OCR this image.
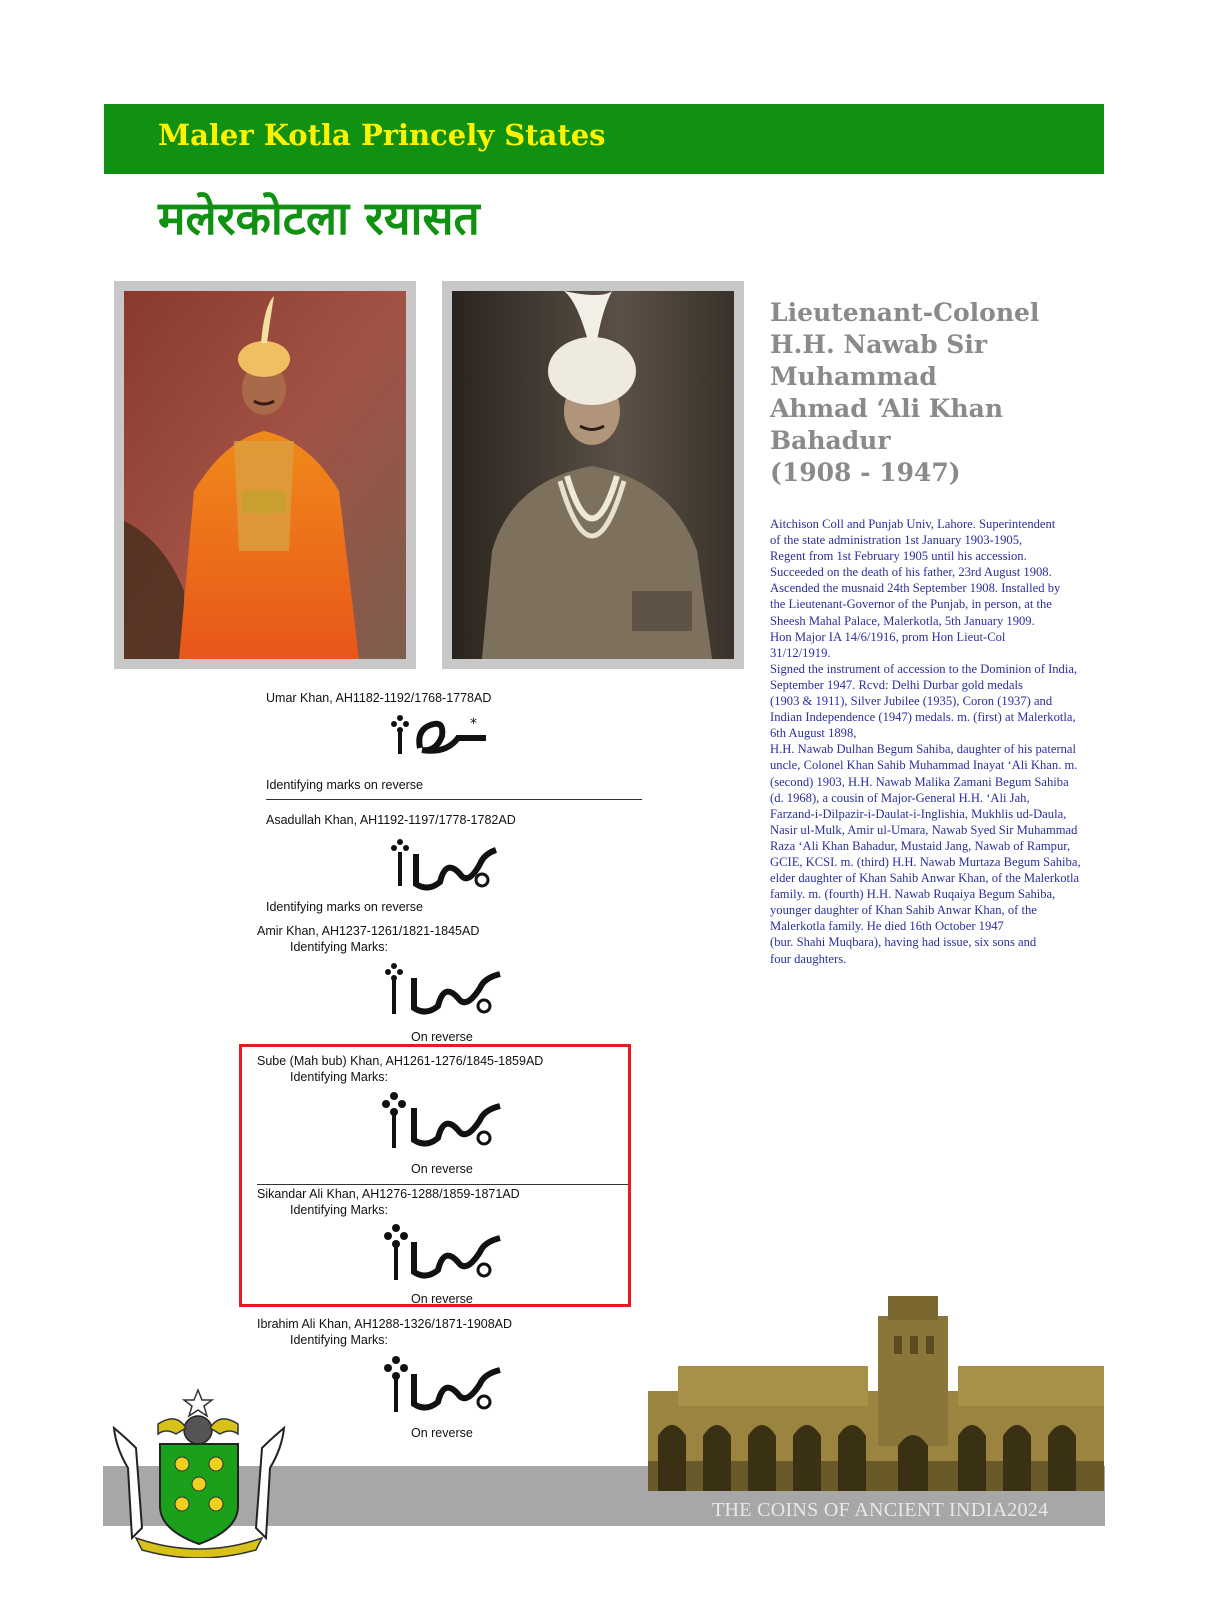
Maler Kotla Princely States
मलेरकोटला रयासत
Lieutenant-Colonel
H.H. Nawab Sir
Muhammad
Ahmad ‘Ali Khan
Bahadur
(1908 - 1947)

Aitchison Coll and Punjab Univ, Lahore. Superintendent

of the state administration 1st January 1903-1905,

Regent from 1st February 1905 until his accession.

Succeeded on the death of his father, 23rd August 1908.

Ascended the musnaid 24th September 1908. Installed by

the Lieutenant-Governor of the Punjab, in person, at the

Sheesh Mahal Palace, Malerkotla, 5th January 1909.

Hon Major IA 14/6/1916, prom Hon Lieut-Col

31/12/1919.

Signed the instrument of accession to the Dominion of India,

September 1947. Rcvd: Delhi Durbar gold medals

(1903 & 1911), Silver Jubilee (1935), Coron (1937) and

Indian Independence (1947) medals. m. (first) at Malerkotla,

6th August 1898,

H.H. Nawab Dulhan Begum Sahiba, daughter of his paternal

uncle, Colonel Khan Sahib Muhammad Inayat ‘Ali Khan. m.

(second) 1903, H.H. Nawab Malika Zamani Begum Sahiba

(d. 1968), a cousin of Major-General H.H. ‘Ali Jah,

Farzand-i-Dilpazir-i-Daulat-i-Inglishia, Mukhlis ud-Daula,

Nasir ul-Mulk, Amir ul-Umara, Nawab Syed Sir Muhammad

Raza ‘Ali Khan Bahadur, Mustaid Jang, Nawab of Rampur,

GCIE, KCSI. m. (third) H.H. Nawab Murtaza Begum Sahiba,

elder daughter of Khan Sahib Anwar Khan, of the Malerkotla

family. m. (fourth) H.H. Nawab Ruqaiya Begum Sahiba,

younger daughter of Khan Sahib Anwar Khan, of the

Malerkotla family. He died 16th October 1947

(bur. Shahi Muqbara), having had issue, six sons and

four daughters.

Umar Khan, AH1182-1192/1768-1778AD
*
Identifying marks on reverse
Asadullah Khan, AH1192-1197/1778-1782AD
Identifying marks on reverse
Amir Khan, AH1237-1261/1821-1845AD
Identifying Marks:
On reverse
Sube (Mah bub) Khan, AH1261-1276/1845-1859AD
Identifying Marks:
On reverse
Sikandar Ali Khan, AH1276-1288/1859-1871AD
Identifying Marks:
On reverse
Ibrahim Ali Khan, AH1288-1326/1871-1908AD
Identifying Marks:
On reverse
THE COINS OF ANCIENT INDIA2024
